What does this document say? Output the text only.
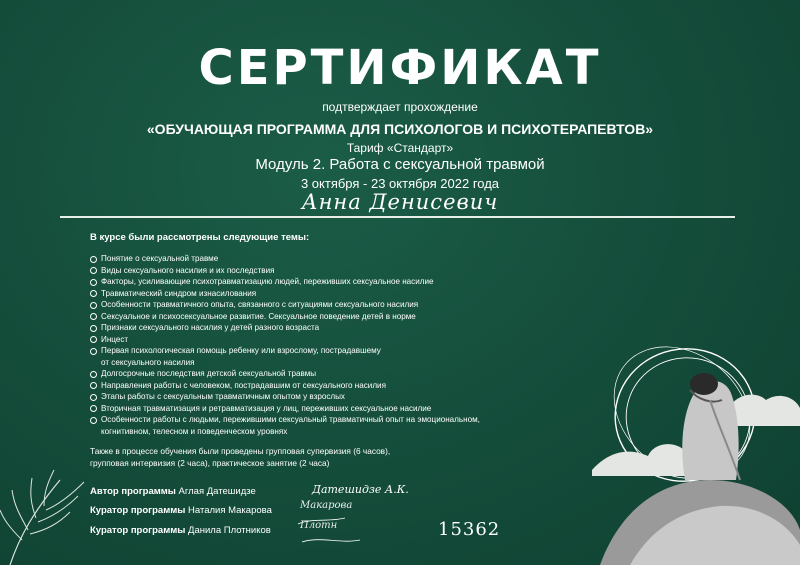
СЕРТИФИКАТ
подтверждает прохождение
«ОБУЧАЮЩАЯ ПРОГРАММА ДЛЯ ПСИХОЛОГОВ И ПСИХОТЕРАПЕВТОВ»
Тариф «Стандарт»
Модуль 2. Работа с сексуальной травмой
3 октября - 23 октября 2022 года
Анна Денисевич
В курсе были рассмотрены следующие темы:
Понятие о сексуальной травме
Виды сексуального насилия и их последствия
Факторы, усиливающие психотравматизацию людей, переживших сексуальное насилие
Травматический синдром изнасилования
Особенности травматичного опыта, связанного с ситуациями сексуального насилия
Сексуальное и психосексуальное развитие. Сексуальное поведение детей в норме
Признаки сексуального насилия у детей разного возраста
Инцест
Первая психологическая помощь ребенку или взрослому, пострадавшему
от сексуального насилия
Долгосрочные последствия детской сексуальной травмы
Направления работы с человеком, пострадавшим от сексуального насилия
Этапы работы с сексуальным травматичным опытом у взрослых
Вторичная травматизация и ретравматизация у лиц, переживших сексуальное насилие
Особенности работы с людьми, пережившими сексуальный травматичный опыт на эмоциональном,
когнитивном, телесном и поведенческом уровнях
Также в процессе обучения были проведены групповая супервизия (6 часов),
групповая интервизия (2 часа), практическое занятие (2 часа)
Автор программы Аглая Датешидзе
Куратор программы Наталия Макарова
Куратор программы Данила Плотников
Датешидзе А.К.
Макарова
Плотн	15362
